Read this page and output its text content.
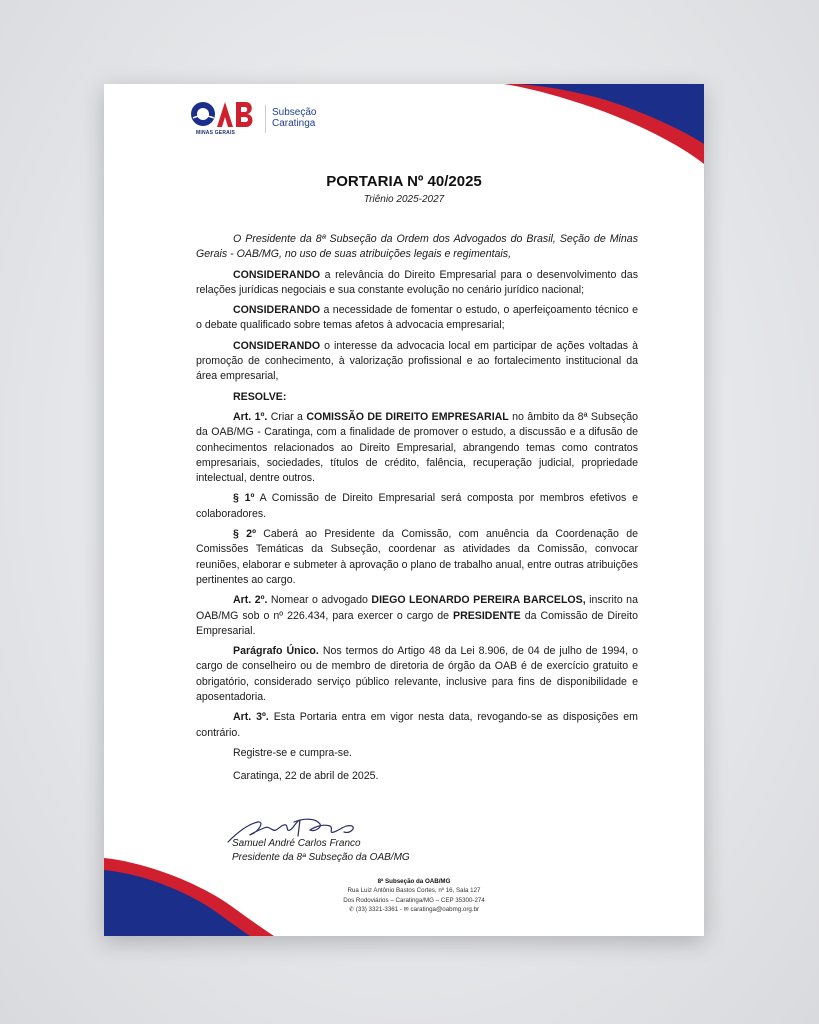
MINAS GERAIS
Subseção
Caratinga
PORTARIA Nº 40/2025
Triênio 2025-2027

O Presidente da 8ª Subseção da Ordem dos Advogados do Brasil, Seção de Minas Gerais - OAB/MG, no uso de suas atribuições legais e regimentais,

CONSIDERANDO a relevância do Direito Empresarial para o desenvolvimento das relações jurídicas negociais e sua constante evolução no cenário jurídico nacional;

CONSIDERANDO a necessidade de fomentar o estudo, o aperfeiçoamento técnico e o debate qualificado sobre temas afetos à advocacia empresarial;

CONSIDERANDO o interesse da advocacia local em participar de ações voltadas à promoção de conhecimento, à valorização profissional e ao fortalecimento institucional da área empresarial,

RESOLVE:

Art. 1º. Criar a COMISSÃO DE DIREITO EMPRESARIAL no âmbito da 8ª Subseção da OAB/MG - Caratinga, com a finalidade de promover o estudo, a discussão e a difusão de conhecimentos relacionados ao Direito Empresarial, abrangendo temas como contratos empresariais, sociedades, títulos de crédito, falência, recuperação judicial, propriedade intelectual, dentre outros.

§ 1º A Comissão de Direito Empresarial será composta por membros efetivos e colaboradores.

§ 2º Caberá ao Presidente da Comissão, com anuência da Coordenação de Comissões Temáticas da Subseção, coordenar as atividades da Comissão, convocar reuniões, elaborar e submeter à aprovação o plano de trabalho anual, entre outras atribuições pertinentes ao cargo.

Art. 2º. Nomear o advogado DIEGO LEONARDO PEREIRA BARCELOS, inscrito na OAB/MG sob o nº 226.434, para exercer o cargo de PRESIDENTE da Comissão de Direito Empresarial.

Parágrafo Único. Nos termos do Artigo 48 da Lei 8.906, de 04 de julho de 1994, o cargo de conselheiro ou de membro de diretoria de órgão da OAB é de exercício gratuito e obrigatório, considerado serviço público relevante, inclusive para fins de disponibilidade e aposentadoria.

Art. 3º. Esta Portaria entra em vigor nesta data, revogando-se as disposições em contrário.

Registre-se e cumpra-se.

Caratinga, 22 de abril de 2025.

Samuel André Carlos Franco
Presidente da 8ª Subseção da OAB/MG
8ª Subseção da OAB/MG
Rua Luiz Antônio Bastos Cortes, nº 16, Sala 127
Dos Rodoviários – Caratinga/MG – CEP 35300-274
✆ (33) 3321-3361 - ✉ caratinga@oabmg.org.br
